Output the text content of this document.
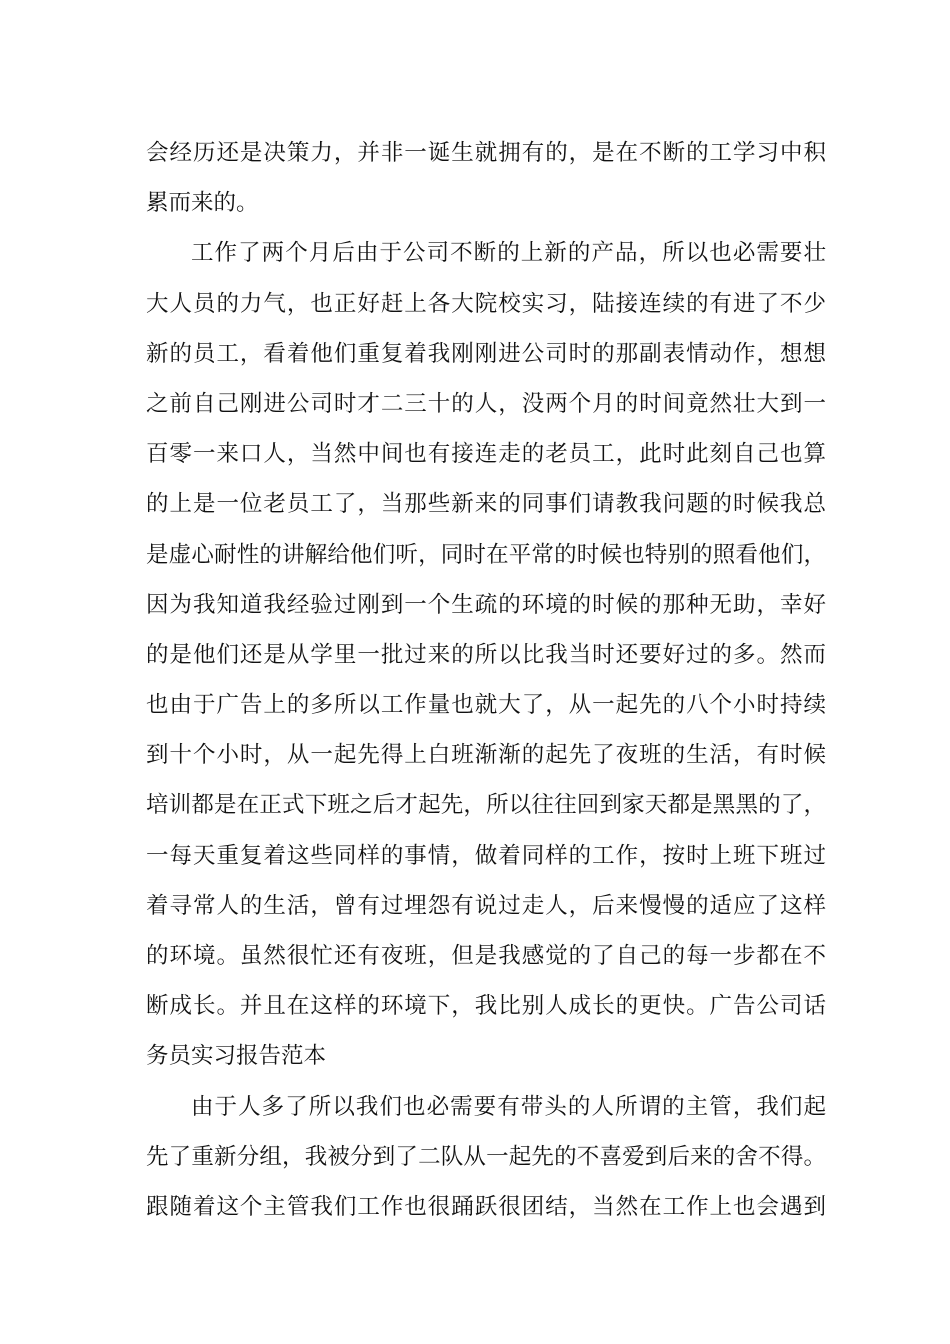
会经历还是决策力，并非一诞生就拥有的，是在不断的工学习中积
累而来的。
工作了两个月后由于公司不断的上新的产品，所以也必需要壮
大人员的力气，也正好赶上各大院校实习，陆接连续的有进了不少
新的员工，看着他们重复着我刚刚进公司时的那副表情动作，想想
之前自己刚进公司时才二三十的人，没两个月的时间竟然壮大到一
百零一来口人，当然中间也有接连走的老员工，此时此刻自己也算
的上是一位老员工了，当那些新来的同事们请教我问题的时候我总
是虚心耐性的讲解给他们听，同时在平常的时候也特别的照看他们，
因为我知道我经验过刚到一个生疏的环境的时候的那种无助，幸好
的是他们还是从学里一批过来的所以比我当时还要好过的多。然而
也由于广告上的多所以工作量也就大了，从一起先的八个小时持续
到十个小时，从一起先得上白班渐渐的起先了夜班的生活，有时候
培训都是在正式下班之后才起先，所以往往回到家天都是黑黑的了，
一每天重复着这些同样的事情，做着同样的工作，按时上班下班过
着寻常人的生活，曾有过埋怨有说过走人，后来慢慢的适应了这样
的环境。虽然很忙还有夜班，但是我感觉的了自己的每一步都在不
断成长。并且在这样的环境下，我比别人成长的更快。广告公司话
务员实习报告范本
由于人多了所以我们也必需要有带头的人所谓的主管，我们起
先了重新分组，我被分到了二队从一起先的不喜爱到后来的舍不得。
跟随着这个主管我们工作也很踊跃很团结，当然在工作上也会遇到
